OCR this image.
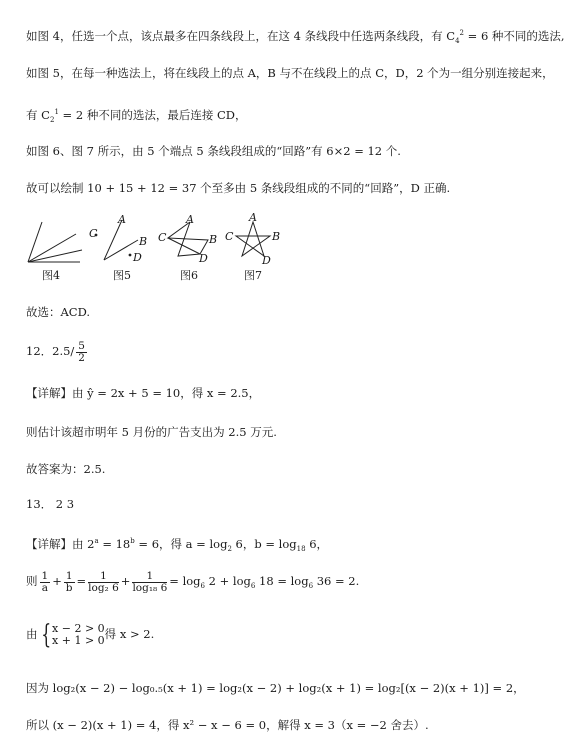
如图 4，任选一个点，该点最多在四条线段上，在这 4 条线段中任选两条线段，有 $C_4^2 = 6$ 种不同的选法,
如图 5，在每一种选法上，将在线段上的点 A，B 与不在线段上的点 C，D，2 个为一组分别连接起来，
有 $C_2^1 = 2$ 种不同的选法，最后连接 CD，
如图 6、图 7 所示，由 5 个端点 5 条线段组成的“回路”有 6×2 = 12 个.
故可以绘制 10 + 15 + 12 = 37 个至多由 5 条线段组成的不同的“回路”，D 正确.
图4
A
B
C
D
图5
A
B
C
D
图6
A
B
C
D
图7
故选：ACD.
12．$2.5/ \frac{5}{2}$
【详解】由 ŷ = 2x + 5 = 10，得 x = 2.5，
则估计该超市明年 5 月份的广告支出为 2.5 万元.
故答案为：2.5.
13． 2 3
【详解】由 $2^a = 18^b = 6$，得 $a = \log_2 6$，$b = \log_{18} 6$，
则 $\frac{1}{a} + \frac{1}{b} = \frac{1}{\text{log₂ 6}} + \frac{1}{\text{log₁₈ 6}} = \log_6 2 + \log_6 18 = \log_6 36 = 2$.
由 { x − 2 > 0
x + 1 > 0 得 x > 2.
因为 log₂(x − 2) − log₀.₅(x + 1) = log₂(x − 2) + log₂(x + 1) = log₂[(x − 2)(x + 1)] = 2，
所以 (x − 2)(x + 1) = 4，得 x² − x − 6 = 0，解得 x = 3（x = −2 舍去）.
